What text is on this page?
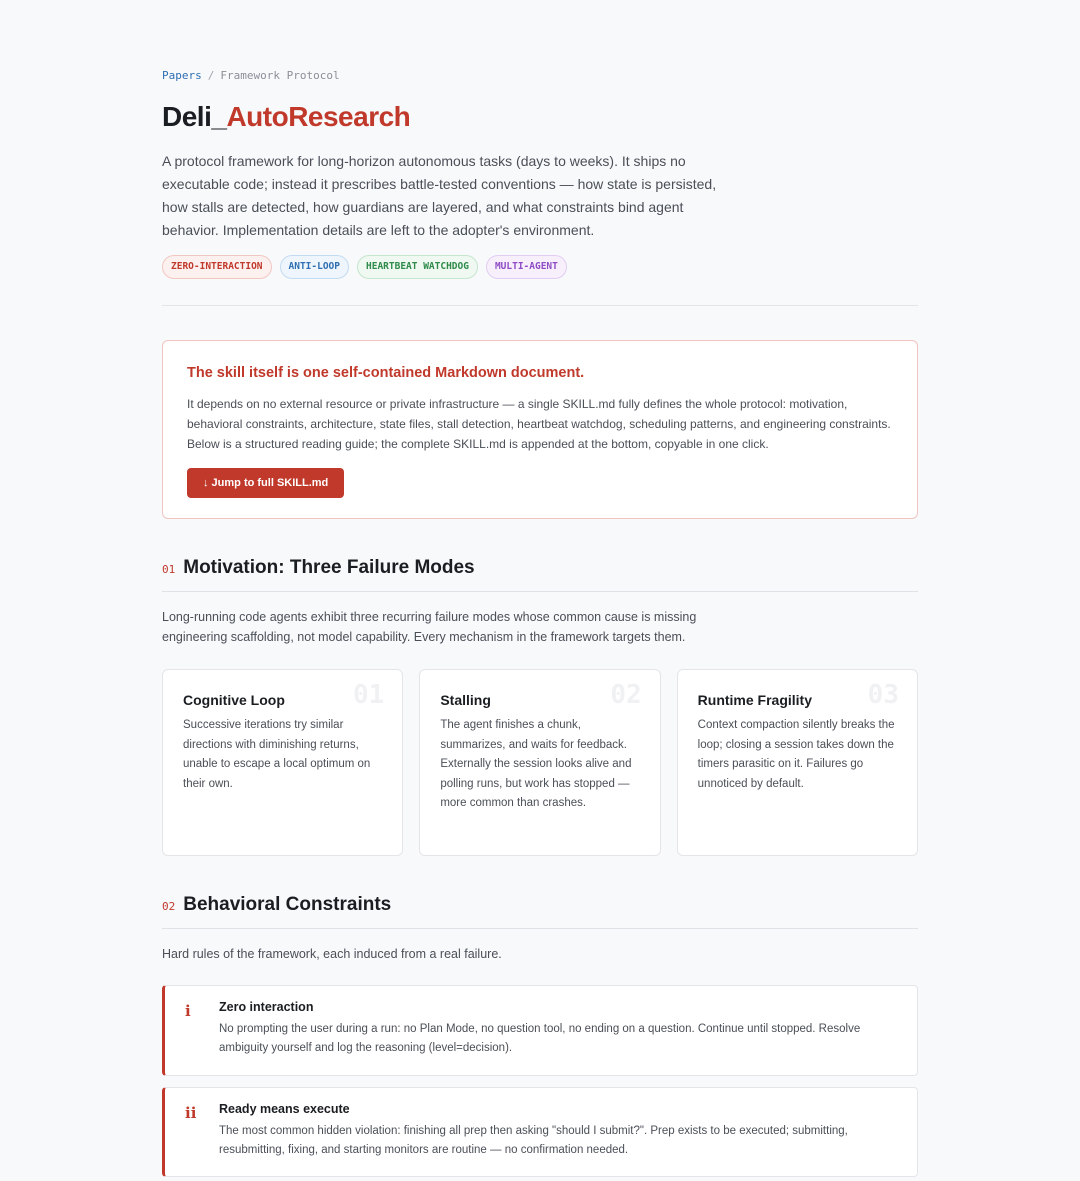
Papers / Framework Protocol
Deli_AutoResearch

A protocol framework for long-horizon autonomous tasks (days to weeks). It ships no executable code; instead it prescribes battle-tested conventions — how state is persisted, how stalls are detected, how guardians are layered, and what constraints bind agent behavior. Implementation details are left to the adopter's environment.

ZERO-INTERACTION	ANTI-LOOP	HEARTBEAT WATCHDOG	MULTI-AGENT
The skill itself is one self-contained Markdown document.
It depends on no external resource or private infrastructure — a single SKILL.md fully defines the whole protocol: motivation, behavioral constraints, architecture, state files, stall detection, heartbeat watchdog, scheduling patterns, and engineering constraints. Below is a structured reading guide; the complete SKILL.md is appended at the bottom, copyable in one click.
↓ Jump to full SKILL.md
01 Motivation: Three Failure Modes

Long-running code agents exhibit three recurring failure modes whose common cause is missing engineering scaffolding, not model capability. Every mechanism in the framework targets them.

01
Cognitive Loop
Successive iterations try similar directions with diminishing returns, unable to escape a local optimum on their own.
02
Stalling
The agent finishes a chunk, summarizes, and waits for feedback. Externally the session looks alive and polling runs, but work has stopped — more common than crashes.
03
Runtime Fragility
Context compaction silently breaks the loop; closing a session takes down the timers parasitic on it. Failures go unnoticed by default.
02 Behavioral Constraints

Hard rules of the framework, each induced from a real failure.

i Zero interaction
No prompting the user during a run: no Plan Mode, no question tool, no ending on a question. Continue until stopped. Resolve ambiguity yourself and log the reasoning (level=decision).
ii Ready means execute
The most common hidden violation: finishing all prep then asking "should I submit?". Prep exists to be executed; submitting, resubmitting, fixing, and starting monitors are routine — no confirmation needed.
